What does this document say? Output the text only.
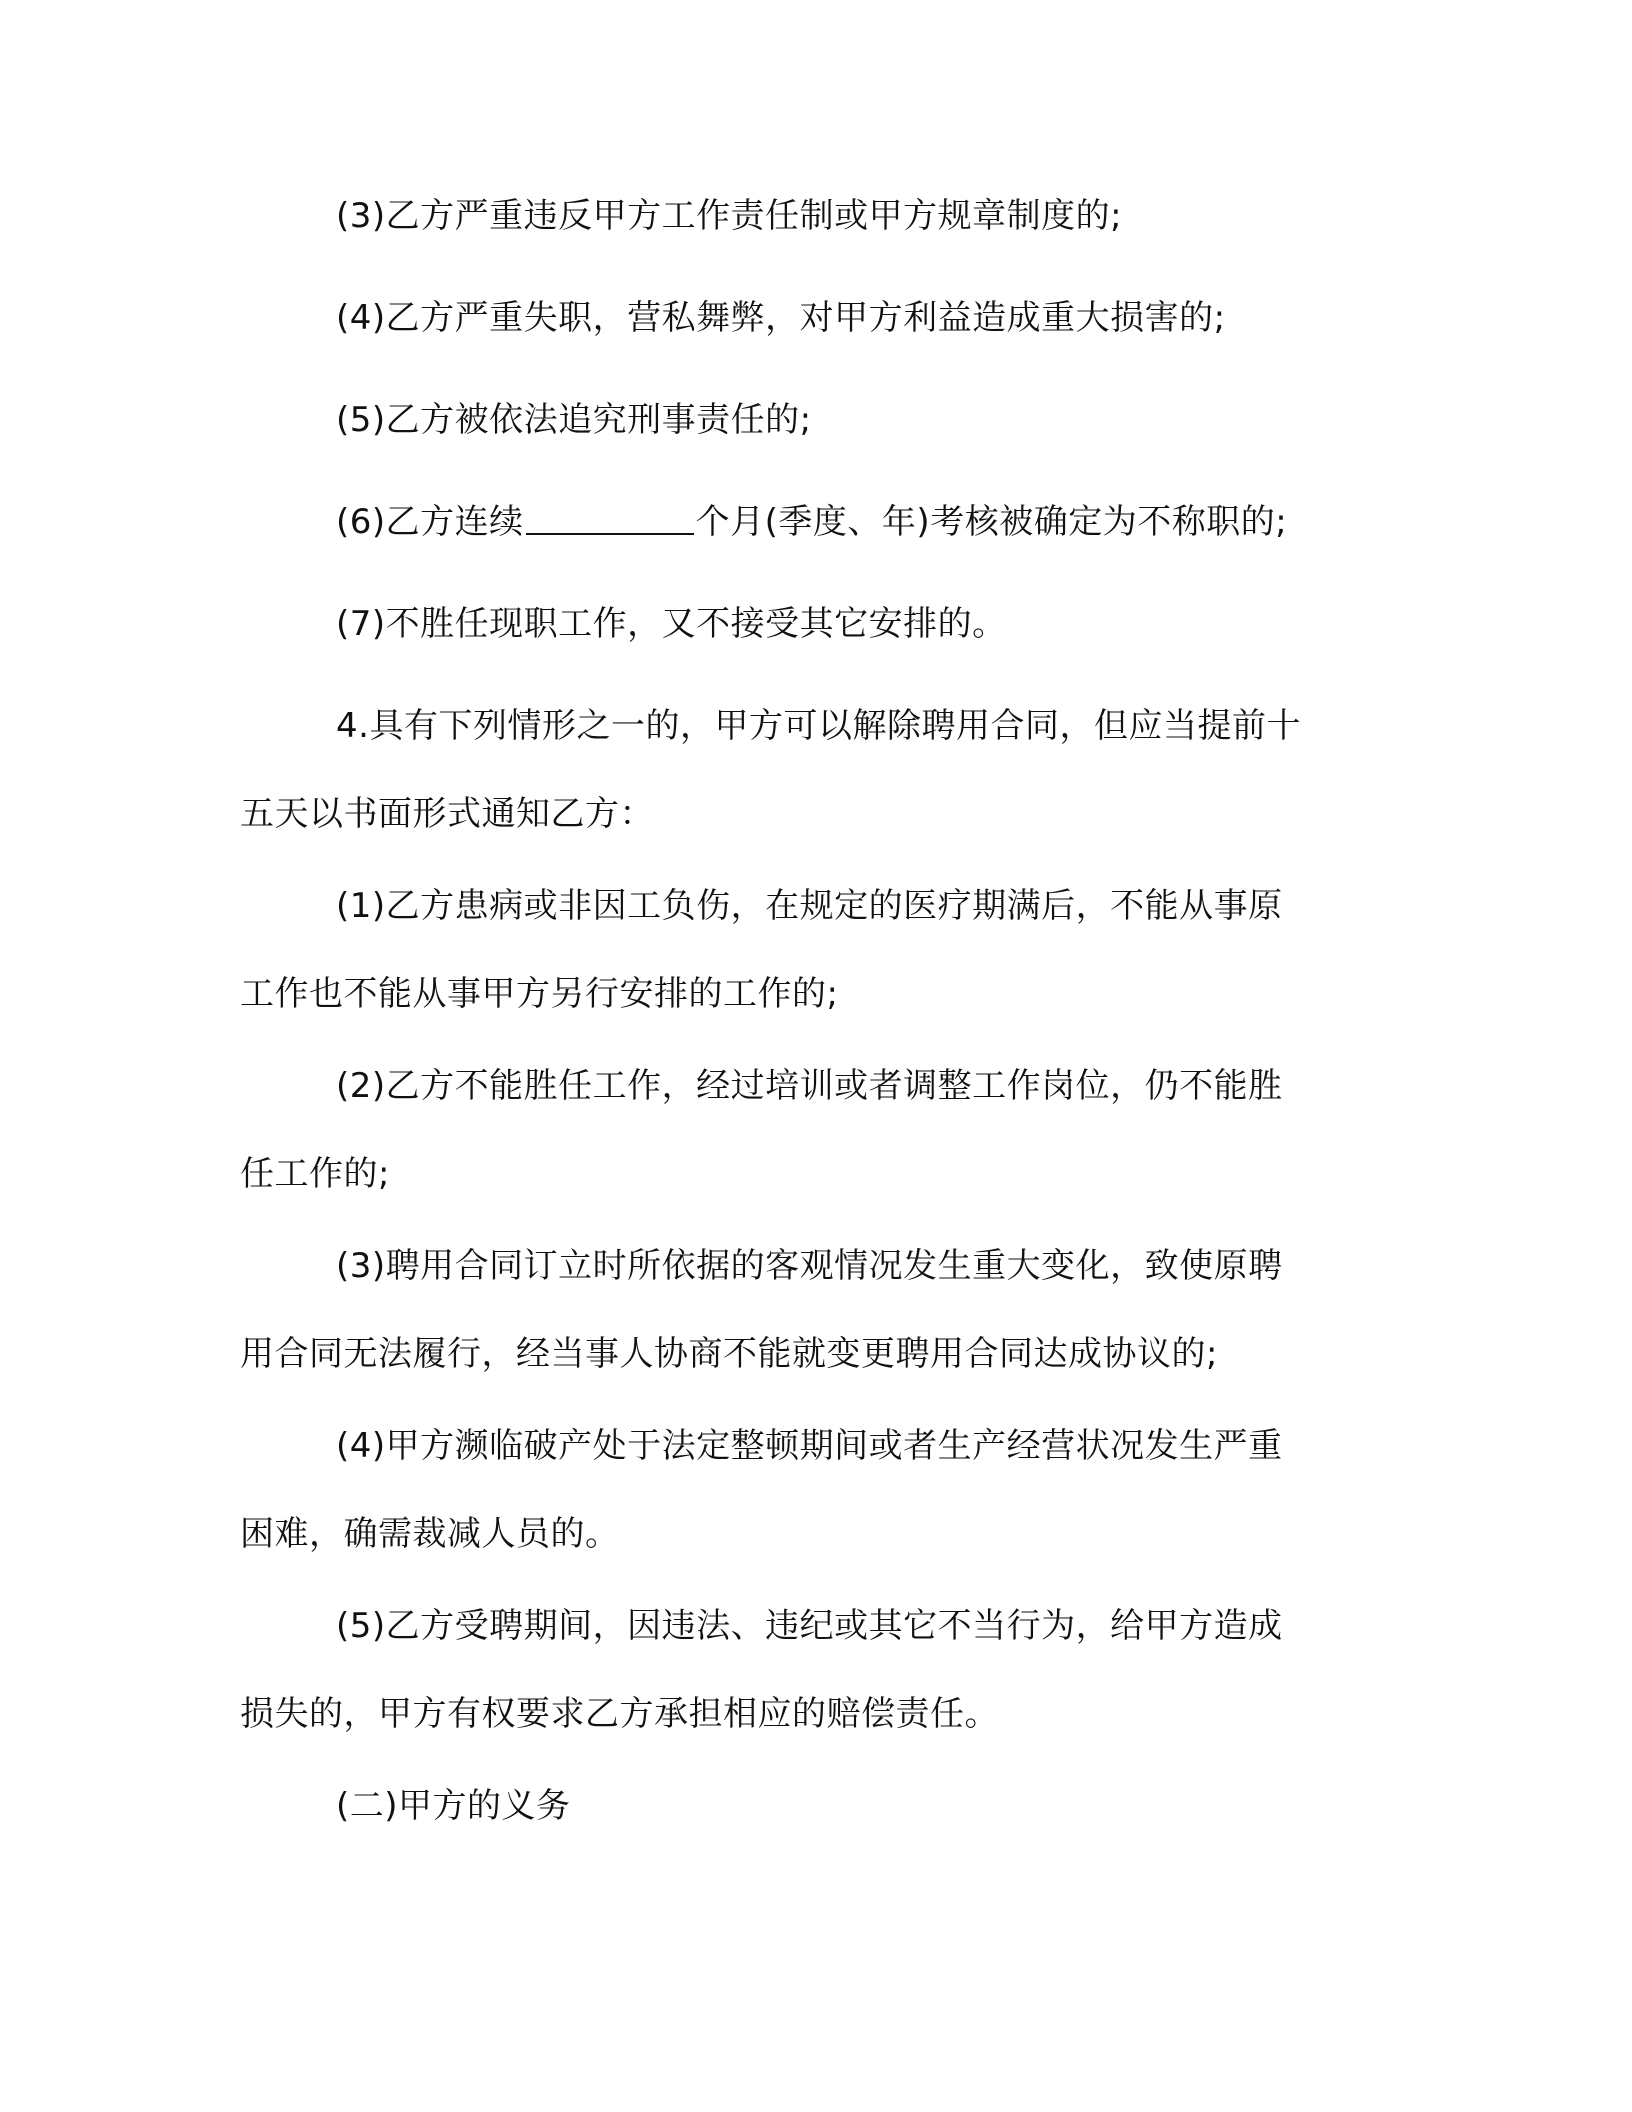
(3)乙方严重违反甲方工作责任制或甲方规章制度的;

(4)乙方严重失职，营私舞弊，对甲方利益造成重大损害的;

(5)乙方被依法追究刑事责任的;

(6)乙方连续	个月(季度、年)考核被确定为不称职的;

(7)不胜任现职工作，又不接受其它安排的。

4.具有下列情形之一的，甲方可以解除聘用合同，但应当提前十
五天以书面形式通知乙方：

(1)乙方患病或非因工负伤，在规定的医疗期满后，不能从事原
工作也不能从事甲方另行安排的工作的;

(2)乙方不能胜任工作，经过培训或者调整工作岗位，仍不能胜
任工作的;

(3)聘用合同订立时所依据的客观情况发生重大变化，致使原聘
用合同无法履行，经当事人协商不能就变更聘用合同达成协议的;

(4)甲方濒临破产处于法定整顿期间或者生产经营状况发生严重
困难，确需裁减人员的。

(5)乙方受聘期间，因违法、违纪或其它不当行为，给甲方造成
损失的，甲方有权要求乙方承担相应的赔偿责任。

(二)甲方的义务
